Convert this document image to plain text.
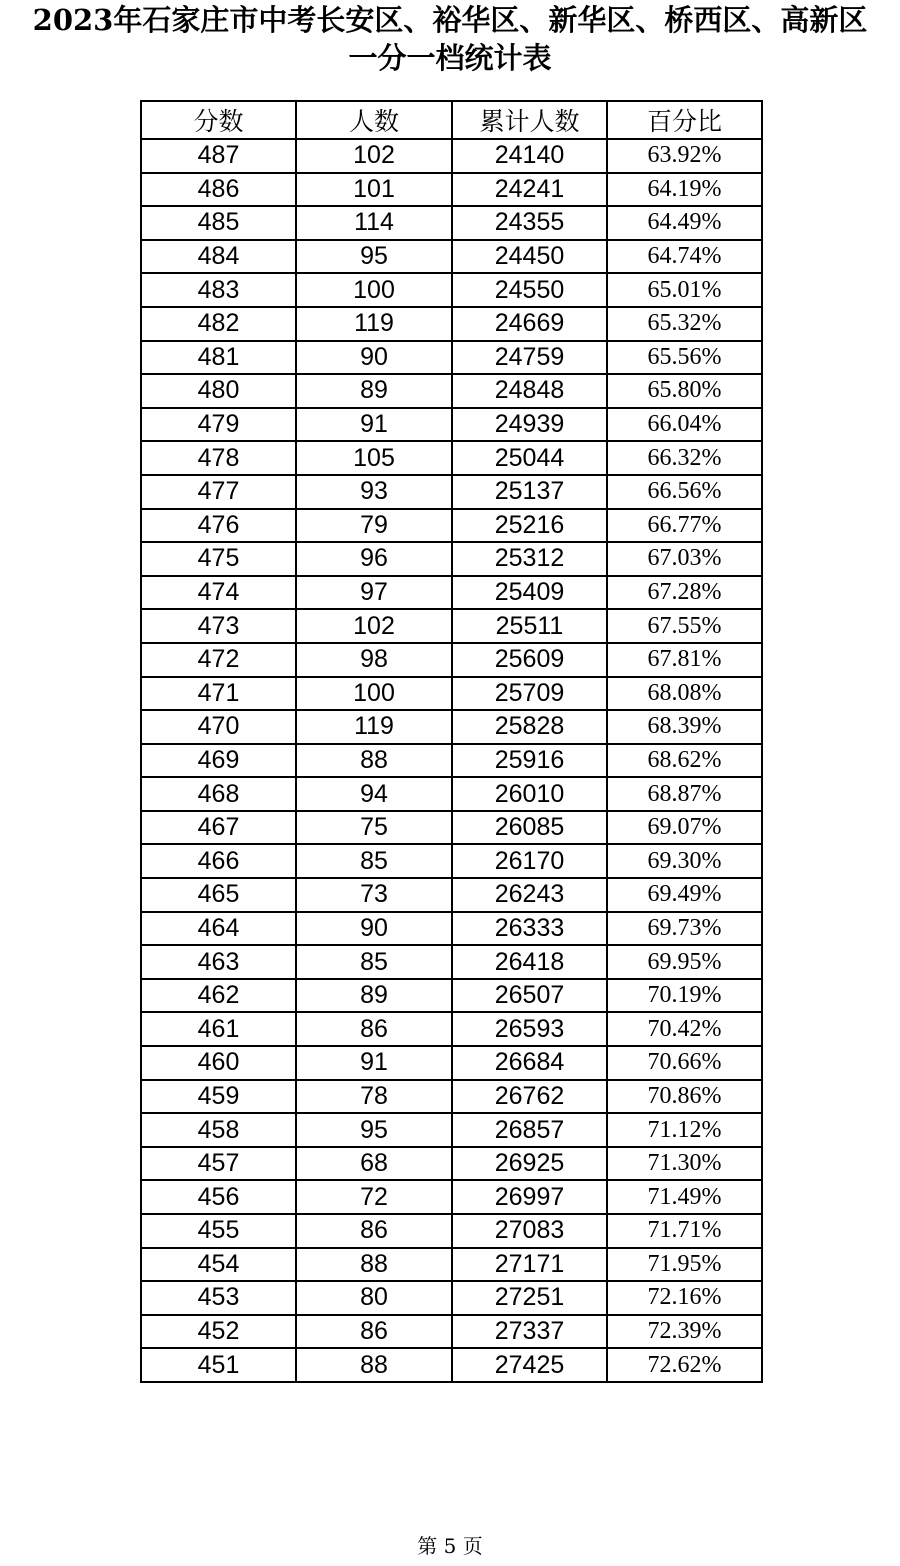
2023年石家庄市中考长安区、裕华区、新华区、桥西区、高新区
一分一档统计表
分数	人数	累计人数	百分比
487	102	24140	63.92%
486	101	24241	64.19%
485	114	24355	64.49%
484	95	24450	64.74%
483	100	24550	65.01%
482	119	24669	65.32%
481	90	24759	65.56%
480	89	24848	65.80%
479	91	24939	66.04%
478	105	25044	66.32%
477	93	25137	66.56%
476	79	25216	66.77%
475	96	25312	67.03%
474	97	25409	67.28%
473	102	25511	67.55%
472	98	25609	67.81%
471	100	25709	68.08%
470	119	25828	68.39%
469	88	25916	68.62%
468	94	26010	68.87%
467	75	26085	69.07%
466	85	26170	69.30%
465	73	26243	69.49%
464	90	26333	69.73%
463	85	26418	69.95%
462	89	26507	70.19%
461	86	26593	70.42%
460	91	26684	70.66%
459	78	26762	70.86%
458	95	26857	71.12%
457	68	26925	71.30%
456	72	26997	71.49%
455	86	27083	71.71%
454	88	27171	71.95%
453	80	27251	72.16%
452	86	27337	72.39%
451	88	27425	72.62%
第 5 页
